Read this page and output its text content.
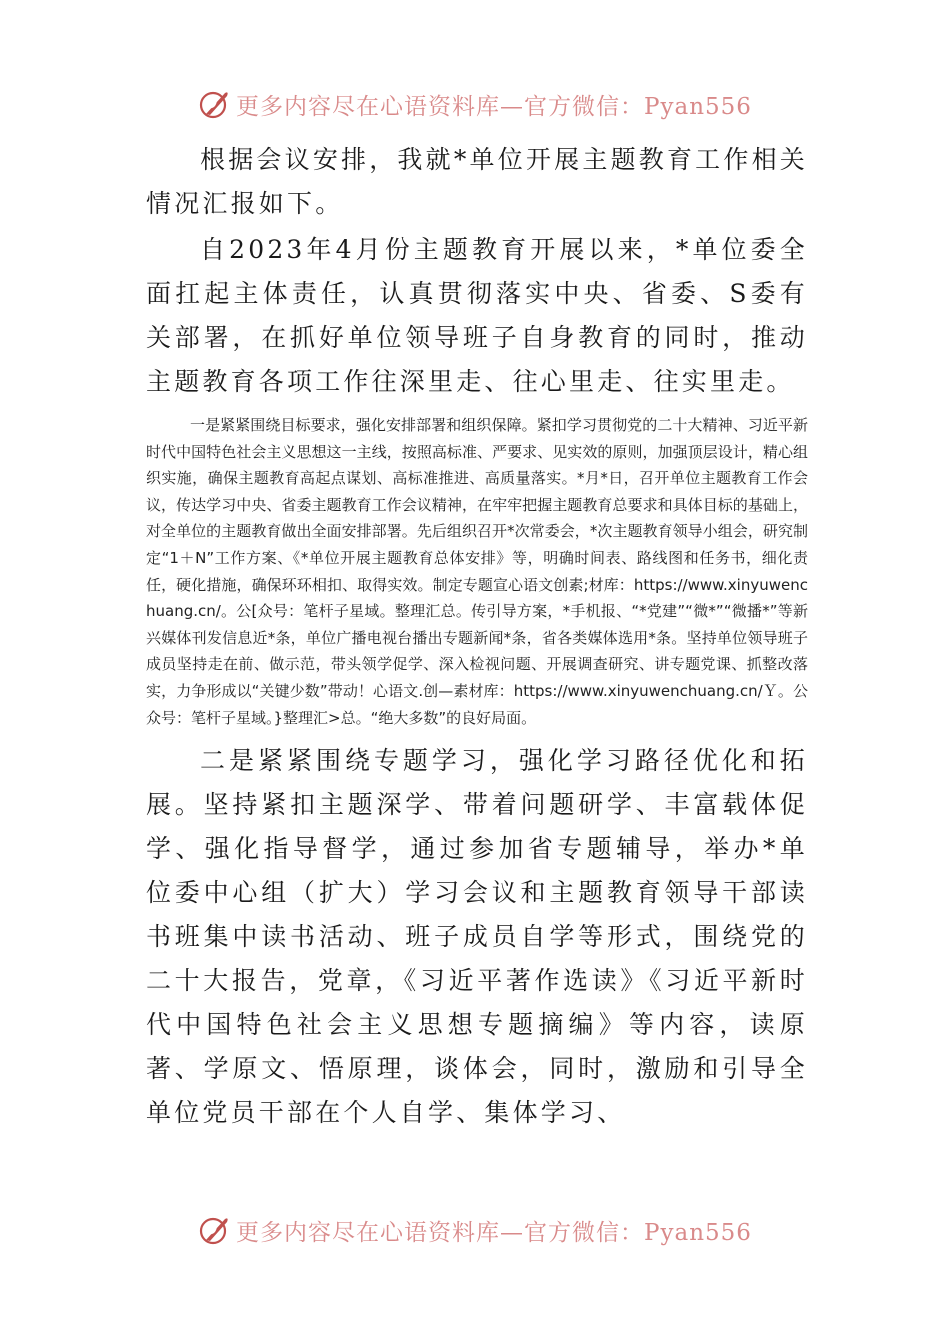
更多内容尽在心语资料库—官方微信：Pyan556

根据会议安排，我就*单位开展主题教育工作相关情况汇报如下。

自2023年4月份主题教育开展以来，*单位委全面扛起主体责任，认真贯彻落实中央、省委、S委有关部署，在抓好单位领导班子自身教育的同时，推动主题教育各项工作往深里走、往心里走、往实里走。

一是紧紧围绕目标要求，强化安排部署和组织保障。紧扣学习贯彻党的二十大精神、习近平新时代中国特色社会主义思想这一主线，按照高标准、严要求、见实效的原则，加强顶层设计，精心组织实施，确保主题教育高起点谋划、高标准推进、高质量落实。*月*日，召开单位主题教育工作会议，传达学习中央、省委主题教育工作会议精神，在牢牢把握主题教育总要求和具体目标的基础上，对全单位的主题教育做出全面安排部署。先后组织召开*次常委会，*次主题教育领导小组会，研究制定“1＋N”工作方案、《*单位开展主题教育总体安排》等，明确时间表、路线图和任务书，细化责任，硬化措施，确保环环相扣、取得实效。制定专题宣心语文创素;材库：https://www.xinyuwenchuang.cn/。公[众号：笔杆子星域。整理汇总。传引导方案，*手机报、“*党建”“微*”“微播*”等新兴媒体刊发信息近*条，单位广播电视台播出专题新闻*条，省各类媒体选用*条。坚持单位领导班子成员坚持走在前、做示范，带头领学促学、深入检视问题、开展调查研究、讲专题党课、抓整改落实，力争形成以“关键少数”带动！心语文.创—素材库：https://www.xinyuwenchuang.cn/Ｙ。公众号：笔杆子星域。}整理汇>总。“绝大多数”的良好局面。

二是紧紧围绕专题学习，强化学习路径优化和拓展。坚持紧扣主题深学、带着问题研学、丰富载体促学、强化指导督学，通过参加省专题辅导，举办*单位委中心组（扩大）学习会议和主题教育领导干部读书班集中读书活动、班子成员自学等形式，围绕党的二十大报告，党章，《习近平著作选读》《习近平新时代中国特色社会主义思想专题摘编》等内容，读原著、学原文、悟原理，谈体会，同时，激励和引导全单位党员干部在个人自学、集体学习、

更多内容尽在心语资料库—官方微信：Pyan556
